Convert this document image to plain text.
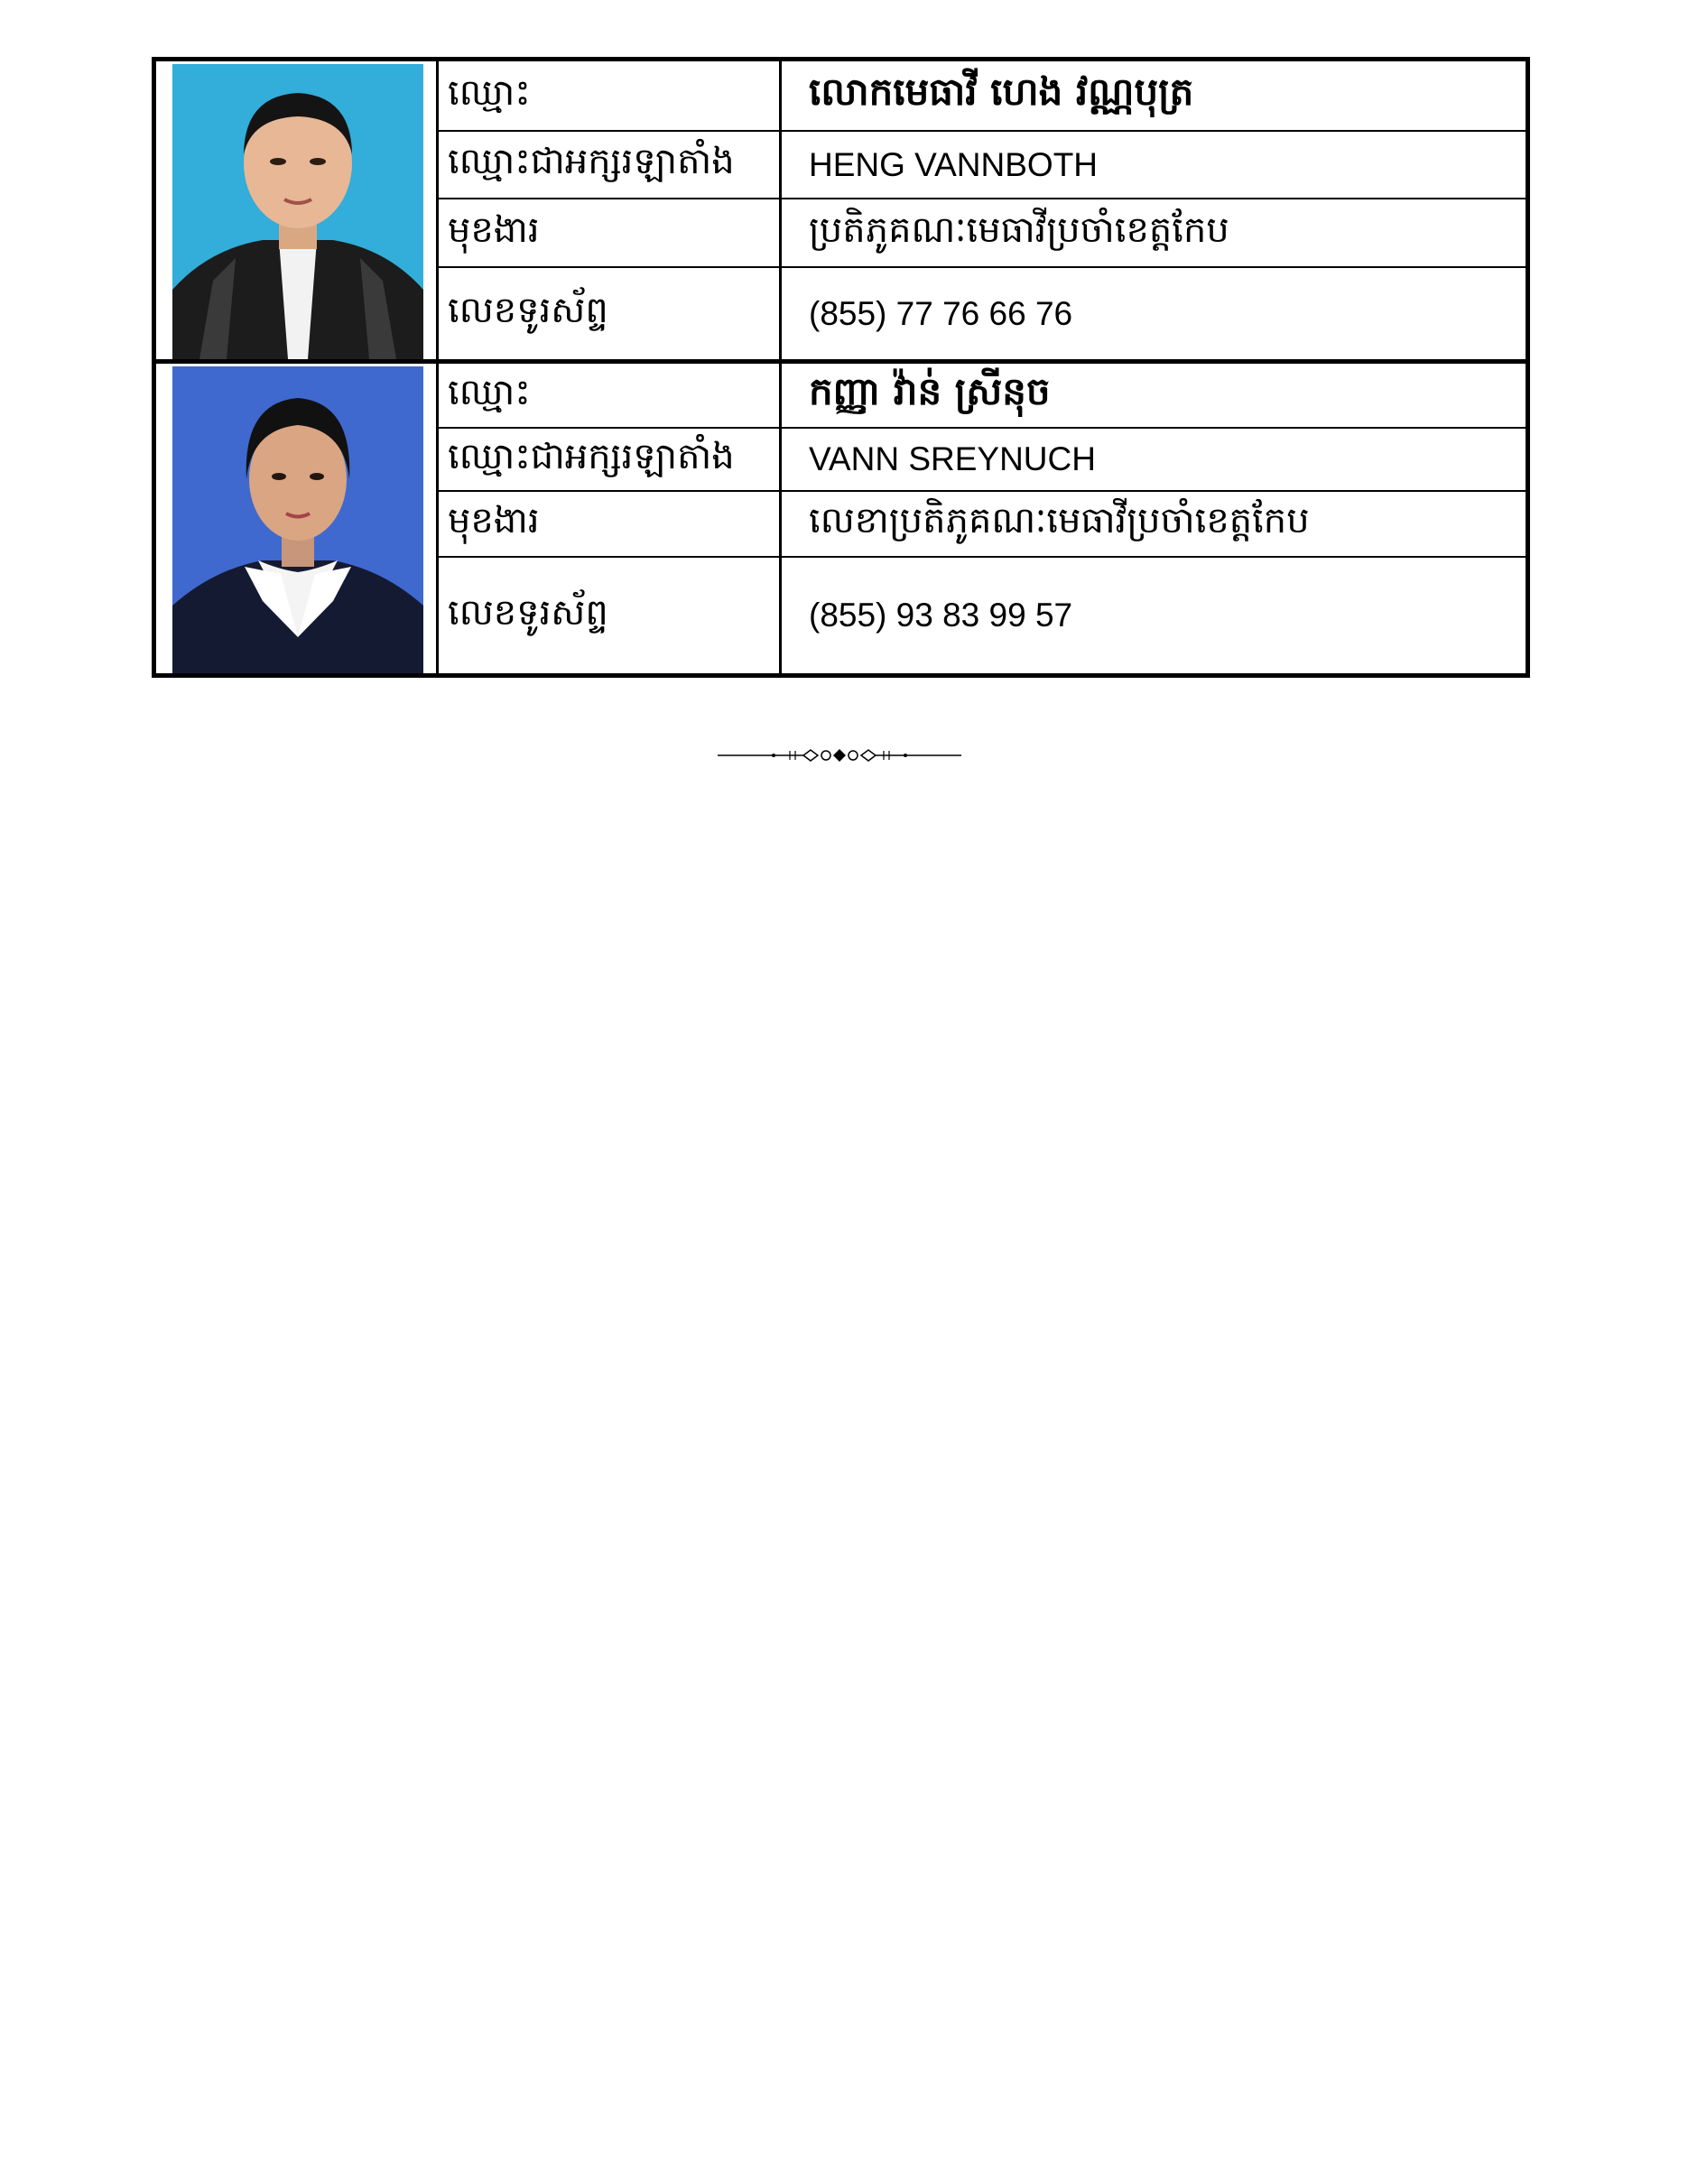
ឈ្មោះ	លោកមេធាវី ហេង វណ្ណបុត្រ
ឈ្មោះជាអក្សរឡាតាំង	HENG VANNBOTH
មុខងារ	ប្រតិភូគណៈមេធាវីប្រចាំខេត្តកែប
លេខទូរស័ព្ទ	(855) 77 76 66 76
ឈ្មោះ	កញ្ញា វ៉ាន់ ស្រីនុច
ឈ្មោះជាអក្សរឡាតាំង	VANN SREYNUCH
មុខងារ	លេខាប្រតិភូគណៈមេធាវីប្រចាំខេត្តកែប
លេខទូរស័ព្ទ	(855) 93 83 99 57
